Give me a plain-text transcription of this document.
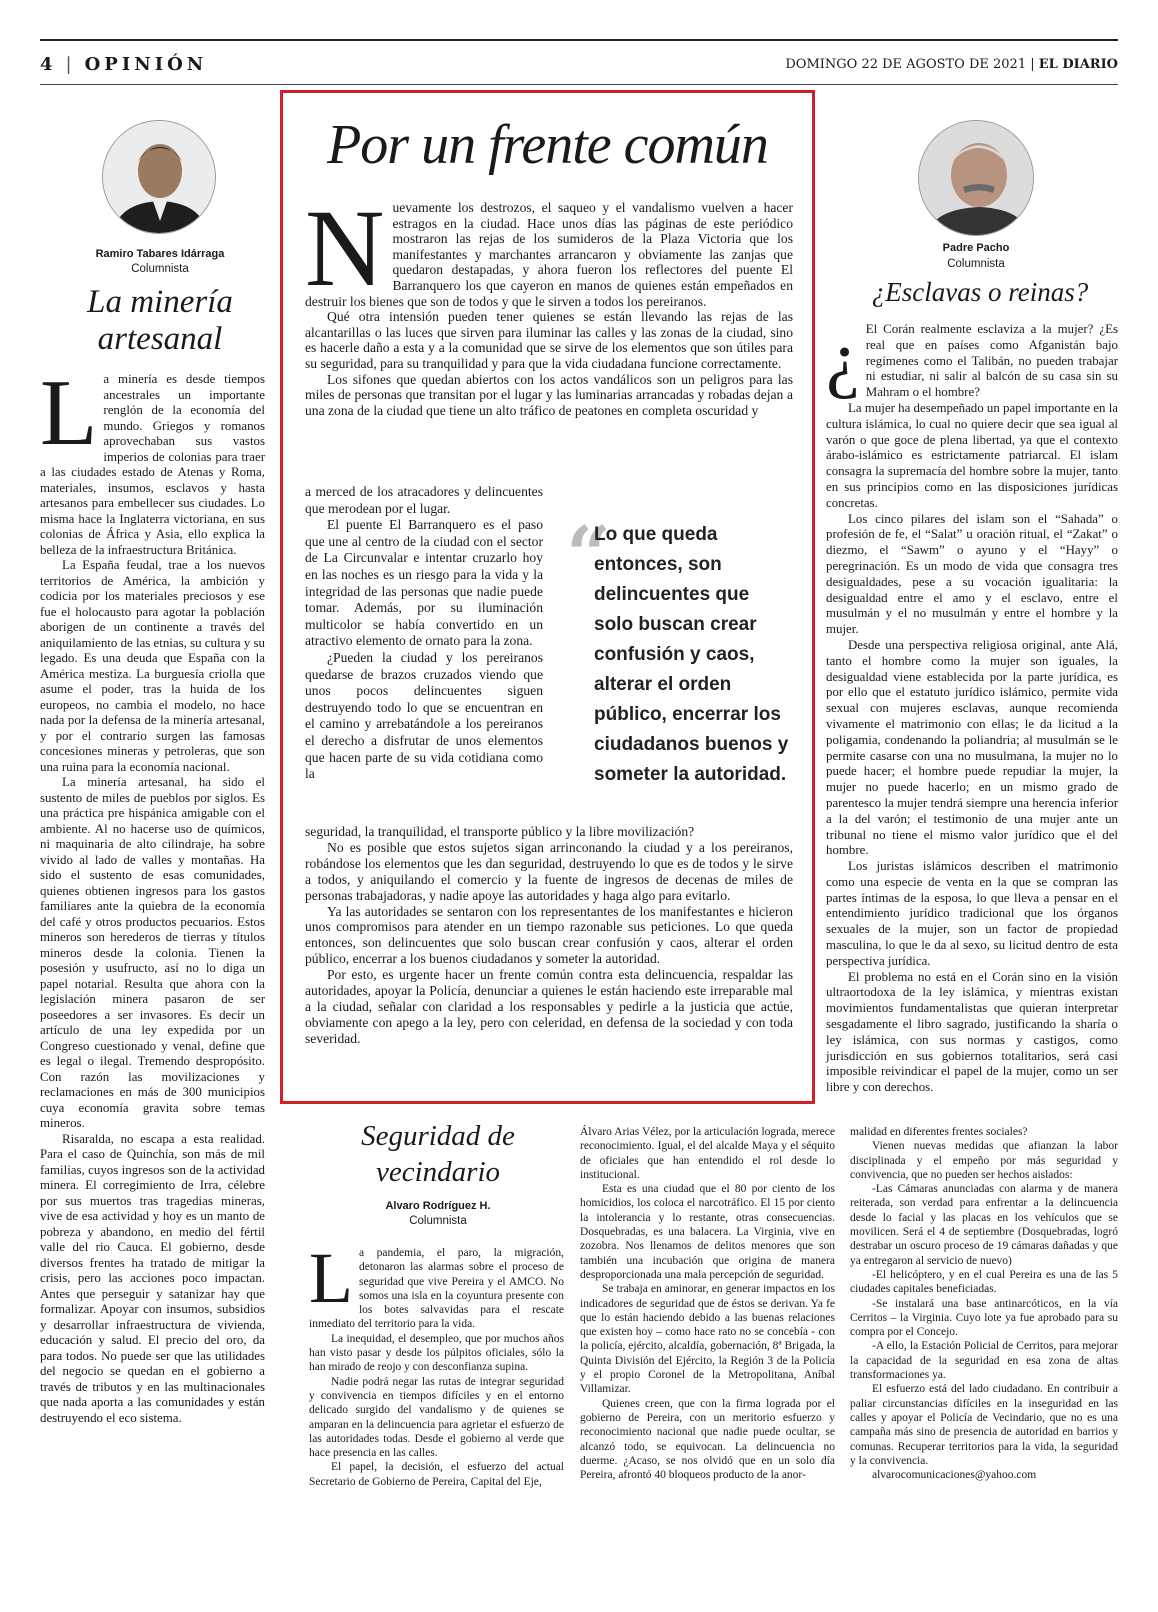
4 | OPINIÓN	DOMINGO 22 DE AGOSTO DE 2021 | EL DIARIO
Ramiro Tabares Idárraga
Columnista
La minería artesanal
L a minería es desde tiempos ancestrales un importante renglón de la economía del mundo. Griegos y romanos aprovechaban sus vastos imperios de colonias para traer a las ciudades estado de Atenas y Roma, materiales, insumos, esclavos y hasta artesanos para embellecer sus ciudades. Lo misma hace la Inglaterra victoriana, en sus colonias de África y Asia, ello explica la belleza de la infraestructura Británica.

La España feudal, trae a los nuevos territorios de América, la ambición y codicia por los materiales preciosos y ese fue el holocausto para agotar la población aborigen de un continente a través del aniquilamiento de las etnias, su cultura y su legado. Es una deuda que España con la América mestiza. La burguesía criolla que asume el poder, tras la huida de los europeos, no cambia el modelo, no hace nada por la defensa de la minería artesanal, y por el contrario surgen las famosas concesiones mineras y petroleras, que son una ruina para la economía nacional.

La minería artesanal, ha sido el sustento de miles de pueblos por siglos. Es una práctica pre hispánica amigable con el ambiente. Al no hacerse uso de químicos, ni maquinaria de alto cilindraje, ha sobre vivido al lado de valles y montañas. Ha sido el sustento de esas comunidades, quienes obtienen ingresos para los gastos familiares ante la quiebra de la economía del café y otros productos pecuarios. Estos mineros son herederos de tierras y títulos mineros desde la colonia. Tienen la posesión y usufructo, así no lo diga un papel notarial. Resulta que ahora con la legislación minera pasaron de ser poseedores a ser invasores. Es decir un artículo de una ley expedida por un Congreso cuestionado y venal, define que es legal o ilegal. Tremendo despropósito. Con razón las movilizaciones y reclamaciones en más de 300 municipios cuya economía gravita sobre temas mineros.

Risaralda, no escapa a esta realidad. Para el caso de Quinchía, son más de mil familias, cuyos ingresos son de la actividad minera. El corregimiento de Irra, célebre por sus muertos tras tragedias mineras, vive de esa actividad y hoy es un manto de pobreza y abandono, en medio del fértil valle del rio Cauca. El gobierno, desde diversos frentes ha tratado de mitigar la crisis, pero las acciones poco impactan. Antes que perseguir y satanizar hay que formalizar. Apoyar con insumos, subsidios y desarrollar infraestructura de vivienda, educación y salud. El precio del oro, da para todos. No puede ser que las utilidades del negocio se quedan en el gobierno a través de tributos y en las multinacionales que nada aporta a las comunidades y están destruyendo el eco sistema.

Por un frente común
N uevamente los destrozos, el saqueo y el vandalismo vuelven a hacer estragos en la ciudad. Hace unos días las páginas de este periódico mostraron las rejas de los sumideros de la Plaza Victoria que los manifestantes y marchantes arrancaron y obviamente las zanjas que quedaron destapadas, y ahora fueron los reflectores del puente El Barranquero los que cayeron en manos de quienes están empeñados en destruir los bienes que son de todos y que le sirven a todos los pereiranos.

Qué otra intensión pueden tener quienes se están llevando las rejas de las alcantarillas o las luces que sirven para iluminar las calles y las zonas de la ciudad, sino es hacerle daño a esta y a la comunidad que se sirve de los elementos que son útiles para su seguridad, para su tranquilidad y para que la vida ciudadana funcione correctamente.

Los sifones que quedan abiertos con los actos vandálicos son un peligros para las miles de personas que transitan por el lugar y las luminarias arrancadas y robadas dejan a una zona de la ciudad que tiene un alto tráfico de peatones en completa oscuridad y

a merced de los atracadores y delincuentes que merodean por el lugar.

El puente El Barranquero es el paso que une al centro de la ciudad con el sector de La Circunvalar e intentar cruzarlo hoy en las noches es un riesgo para la vida y la integridad de las personas que nadie puede tomar. Además, por su iluminación multicolor se había convertido en un atractivo elemento de ornato para la zona.

¿Pueden la ciudad y los pereiranos quedarse de brazos cruzados viendo que unos pocos delincuentes siguen destruyendo todo lo que se encuentran en el camino y arrebatándole a los pereiranos el derecho a disfrutar de unos elementos que hacen parte de su vida cotidiana como la

“
Lo que queda entonces, son delincuentes que solo buscan crear confusión y caos, alterar el orden público, encerrar los ciudadanos buenos y someter la autoridad.

seguridad, la tranquilidad, el transporte público y la libre movilización?

No es posible que estos sujetos sigan arrinconando la ciudad y a los pereiranos, robándose los elementos que les dan seguridad, destruyendo lo que es de todos y le sirve a todos, y aniquilando el comercio y la fuente de ingresos de decenas de miles de personas trabajadoras, y nadie apoye las autoridades y haga algo para evitarlo.

Ya las autoridades se sentaron con los representantes de los manifestantes e hicieron unos compromisos para atender en un tiempo razonable sus peticiones. Lo que queda entonces, son delincuentes que solo buscan crear confusión y caos, alterar el orden público, encerrar a los buenos ciudadanos y someter la autoridad.

Por esto, es urgente hacer un frente común contra esta delincuencia, respaldar las autoridades, apoyar la Policía, denunciar a quienes le están haciendo este irreparable mal a la ciudad, señalar con claridad a los responsables y pedirle a la justicia que actúe, obviamente con apego a la ley, pero con celeridad, en defensa de la sociedad y con toda severidad.

Padre Pacho
Columnista
¿Esclavas o reinas?
¿ El Corán realmente esclaviza a la mujer? ¿Es real que en países como Afganistán bajo regímenes como el Talibán, no pueden trabajar ni estudiar, ni salir al balcón de su casa sin su Mahram o el hombre?

La mujer ha desempeñado un papel importante en la cultura islámica, lo cual no quiere decir que sea igual al varón o que goce de plena libertad, ya que el contexto árabo-islámico es estrictamente patriarcal. El islam consagra la supremacía del hombre sobre la mujer, tanto en sus principios como en las disposiciones jurídicas concretas.

Los cinco pilares del islam son el “Sahada” o profesión de fe, el “Salat” u oración ritual, el “Zakat” o diezmo, el “Sawm” o ayuno y el “Hayy” o peregrinación. Es un modo de vida que consagra tres desigualdades, pese a su vocación igualitaria: la desigualdad entre el amo y el esclavo, entre el musulmán y el no musulmán y entre el hombre y la mujer.

Desde una perspectiva religiosa original, ante Alá, tanto el hombre como la mujer son iguales, la desigualdad viene establecida por la parte jurídica, es por ello que el estatuto jurídico islámico, permite vida sexual con mujeres esclavas, aunque recomienda vivamente el matrimonio con ellas; le da licitud a la poligamia, condenando la poliandria; al musulmán se le permite casarse con una no musulmana, la mujer no lo puede hacer; el hombre puede repudiar la mujer, la mujer no puede hacerlo; en un mismo grado de parentesco la mujer tendrá siempre una herencia inferior a la del varón; el testimonio de una mujer ante un tribunal no tiene el mismo valor jurídico que el del hombre.

Los juristas islámicos describen el matrimonio como una especie de venta en la que se compran las partes íntimas de la esposa, lo que lleva a pensar en el entendimiento jurídico tradicional que los órganos sexuales de la mujer, son un factor de propiedad masculina, lo que le da al sexo, su licitud dentro de esta perspectiva jurídica.

El problema no está en el Corán sino en la visión ultraortodoxa de la ley islámica, y mientras existan movimientos fundamentalistas que quieran interpretar sesgadamente el libro sagrado, justificando la sharía o ley islámica, con sus normas y castigos, como jurisdicción en sus gobiernos totalitarios, será casi imposible reivindicar el papel de la mujer, como un ser libre y con derechos.

Seguridad de vecindario
Alvaro Rodríguez H.
Columnista
L a pandemia, el paro, la migración, detonaron las alarmas sobre el proceso de seguridad que vive Pereira y el AMCO. No somos una isla en la coyuntura presente con los botes salvavidas para el rescate inmediato del territorio para la vida.

La inequidad, el desempleo, que por muchos años han visto pasar y desde los púlpitos oficiales, sólo la han mirado de reojo y con desconfianza supina.

Nadie podrá negar las rutas de integrar seguridad y convivencia en tiempos difíciles y en el entorno delicado surgido del vandalismo y de quienes se amparan en la delincuencia para agrietar el esfuerzo de las autoridades todas. Desde el gobierno al verde que hace presencia en las calles.

El papel, la decisión, el esfuerzo del actual Secretario de Gobierno de Pereira, Capital del Eje,

Álvaro Arias Vélez, por la articulación lograda, merece reconocimiento. Igual, el del alcalde Maya y el séquito de oficiales que han entendido el rol desde lo institucional.

Esta es una ciudad que el 80 por ciento de los homicidios, los coloca el narcotráfico. El 15 por ciento la intolerancia y lo restante, otras consecuencias. Dosquebradas, es una balacera. La Virginia, vive en zozobra. Nos llenamos de delitos menores que son también una incubación que origina de manera desproporcionada una mala percepción de seguridad.

Se trabaja en aminorar, en generar impactos en los indicadores de seguridad que de éstos se derivan. Ya fe que lo están haciendo debido a las buenas relaciones que existen hoy – como hace rato no se concebía - con la policía, ejército, alcaldía, gobernación, 8ª Brigada, la Quinta División del Ejército, la Región 3 de la Policía y el propio Coronel de la Metropolitana, Aníbal Villamizar.

Quienes creen, que con la firma lograda por el gobierno de Pereira, con un meritorio esfuerzo y reconocimiento nacional que nadie puede ocultar, se alcanzó todo, se equivocan. La delincuencia no duerme. ¿Acaso, se nos olvidó que en un solo día Pereira, afrontó 40 bloqueos producto de la anor-

malidad en diferentes frentes sociales?

Vienen nuevas medidas que afianzan la labor disciplinada y el empeño por más seguridad y convivencia, que no pueden ser hechos aislados:

-Las Cámaras anunciadas con alarma y de manera reiterada, son verdad para enfrentar a la delincuencia desde lo facial y las placas en los vehículos que se movilicen. Será el 4 de septiembre (Dosquebradas, logró destrabar un oscuro proceso de 19 cámaras dañadas y que ya entregaron al servicio de nuevo)

-El helicóptero, y en el cual Pereira es una de las 5 ciudades capitales beneficiadas.

-Se instalará una base antinarcóticos, en la vía Cerritos – la Virginia. Cuyo lote ya fue aprobado para su compra por el Concejo.

-A ello, la Estación Policial de Cerritos, para mejorar la capacidad de la seguridad en esa zona de altas transformaciones ya.

El esfuerzo está del lado ciudadano. En contribuir a paliar circunstancias difíciles en la inseguridad en las calles y apoyar el Policía de Vecindario, que no es una campaña más sino de presencia de autoridad en barrios y comunas. Recuperar territorios para la vida, la seguridad y la convivencia.

alvarocomunicaciones@yahoo.com
